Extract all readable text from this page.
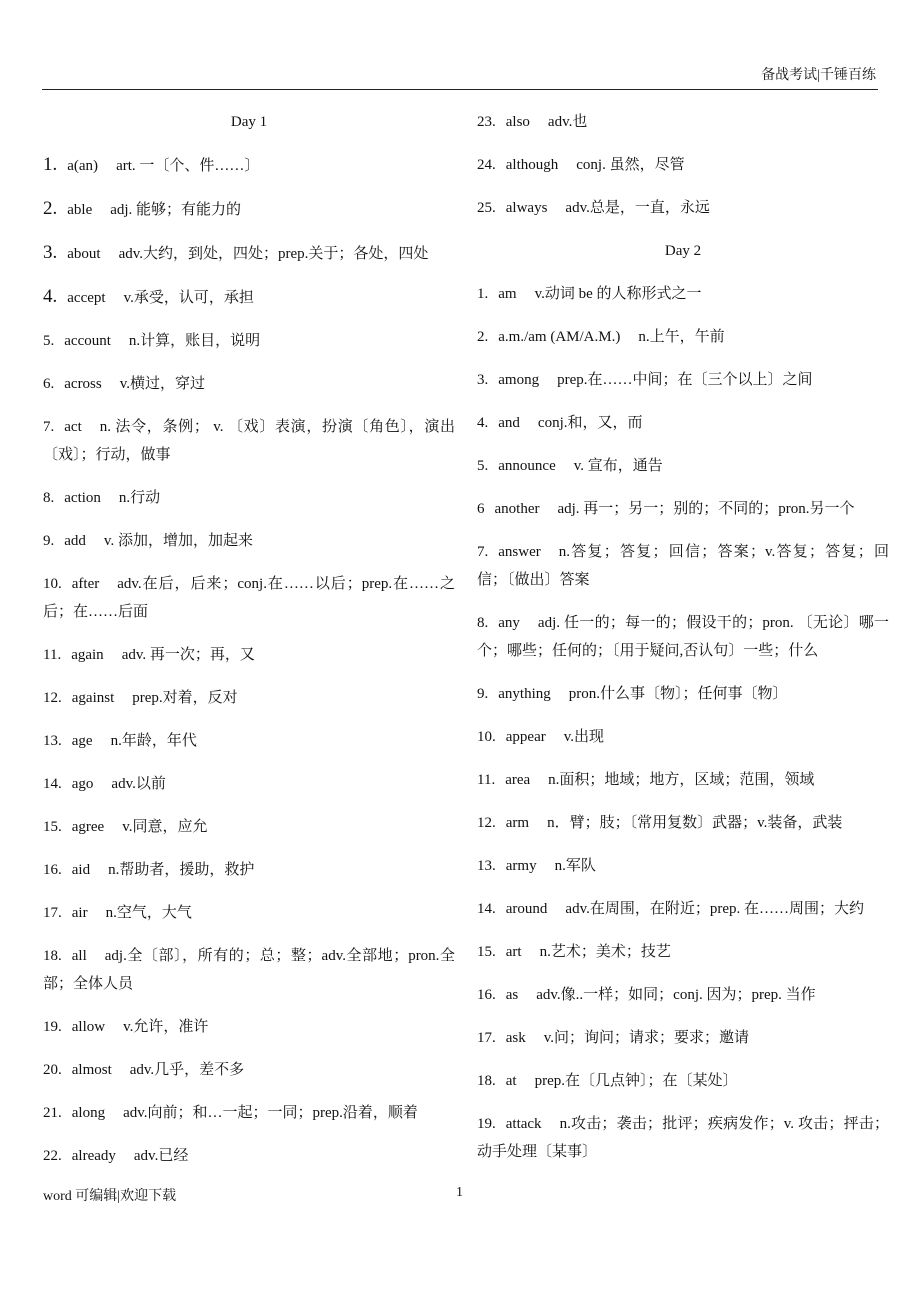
备战考试|千锤百练
Day 1
1. a(an) art. 一〔个、件……〕
2. able adj. 能够；有能力的
3. about adv.大约，到处，四处；prep.关于；各处，四处
4. accept v.承受，认可，承担
5. account n.计算，账目，说明
6. across v.横过，穿过
7. act n. 法令，条例； v. 〔戏〕表演，扮演〔角色〕，演出〔戏〕；行动，做事
8. action n.行动
9. add v. 添加，增加，加起来
10. after adv.在后，后来；conj.在……以后；prep.在……之后；在……后面
11. again adv. 再一次；再，又
12. against prep.对着，反对
13. age n.年龄，年代
14. ago adv.以前
15. agree v.同意，应允
16. aid n.帮助者，援助，救护
17. air n.空气，大气
18. all adj.全〔部〕，所有的；总；整；adv.全部地；pron.全部；全体人员
19. allow v.允许，准许
20. almost adv.几乎，差不多
21. along adv.向前；和…一起；一同；prep.沿着，顺着
22. already adv.已经
23. also adv.也
24. although conj. 虽然，尽管
25. always adv.总是，一直，永远
Day 2
1. am v.动词 be 的人称形式之一
2. a.m./am (AM/A.M.) n.上午，午前
3. among prep.在……中间；在〔三个以上〕之间
4. and conj.和，又，而
5. announce v. 宣布，通告
6 another adj. 再一；另一；别的；不同的；pron.另一个
7. answer n.答复；答复；回信；答案；v.答复；答复；回信；〔做出〕答案
8. any adj. 任一的；每一的；假设干的；pron. 〔无论〕哪一个；哪些；任何的；〔用于疑问,否认句〕一些；什么
9. anything pron.什么事〔物〕；任何事〔物〕
10. appear v.出现
11. area n.面积；地域；地方，区域；范围，领域
12. arm n．臂；肢；〔常用复数〕武器；v.装备，武装
13. army n.军队
14. around adv.在周围，在附近；prep. 在……周围；大约
15. art n.艺术；美术；技艺
16. as adv.像..一样；如同；conj. 因为；prep. 当作
17. ask v.问；询问；请求；要求；邀请
18. at prep.在〔几点钟〕；在〔某处〕
19. attack n.攻击；袭击；批评；疾病发作；v. 攻击；抨击；动手处理〔某事〕
word 可编辑|欢迎下载	1
